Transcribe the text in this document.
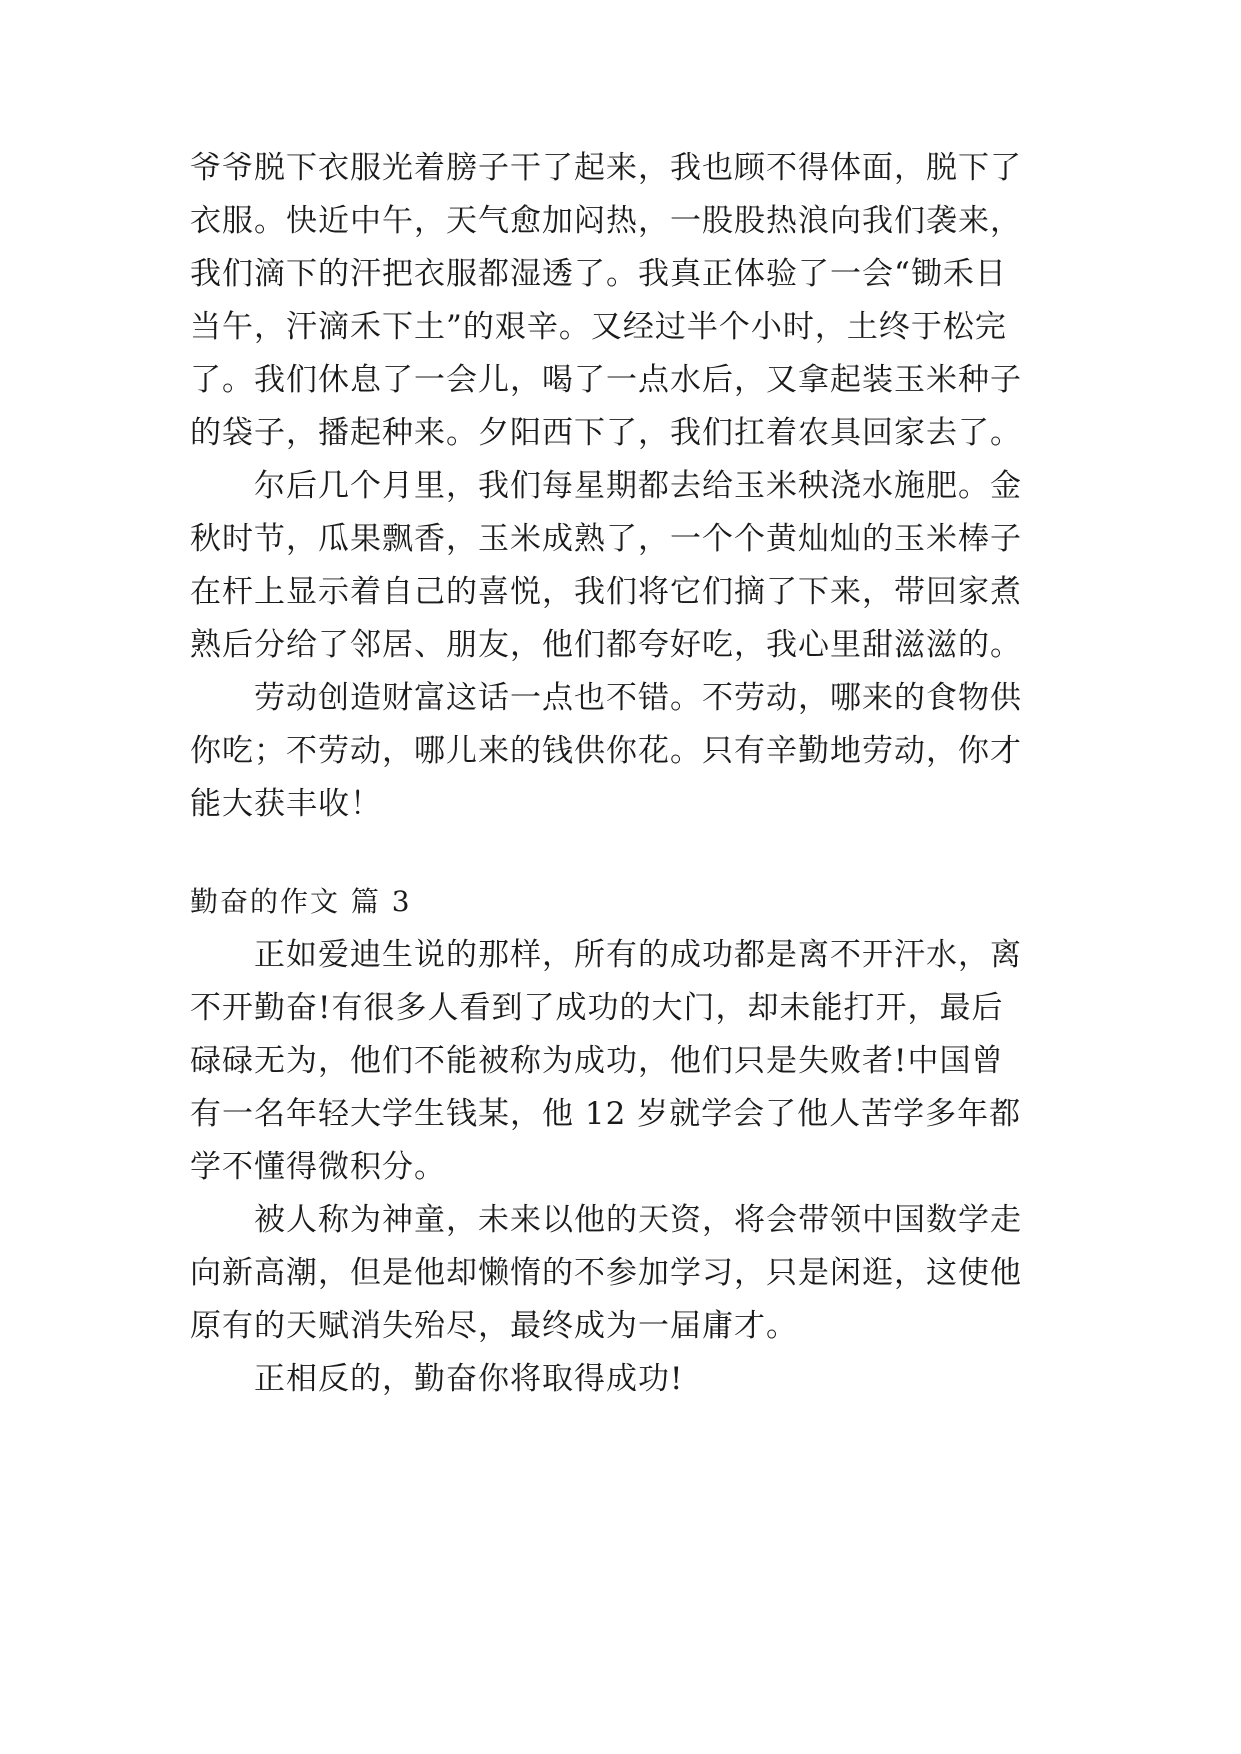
爷爷脱下衣服光着膀子干了起来，我也顾不得体面，脱下了
衣服。快近中午，天气愈加闷热，一股股热浪向我们袭来，
我们滴下的汗把衣服都湿透了。我真正体验了一会“锄禾日
当午，汗滴禾下土”的艰辛。又经过半个小时，土终于松完
了。我们休息了一会儿，喝了一点水后，又拿起装玉米种子
的袋子，播起种来。夕阳西下了，我们扛着农具回家去了。
尔后几个月里，我们每星期都去给玉米秧浇水施肥。金
秋时节，瓜果飘香，玉米成熟了，一个个黄灿灿的玉米棒子
在杆上显示着自己的喜悦，我们将它们摘了下来，带回家煮
熟后分给了邻居、朋友，他们都夸好吃，我心里甜滋滋的。
劳动创造财富这话一点也不错。不劳动，哪来的食物供
你吃；不劳动，哪儿来的钱供你花。只有辛勤地劳动，你才
能大获丰收！
勤奋的作文 篇 3
正如爱迪生说的那样，所有的成功都是离不开汗水，离
不开勤奋!有很多人看到了成功的大门，却未能打开，最后
碌碌无为，他们不能被称为成功，他们只是失败者!中国曾
有一名年轻大学生钱某，他 12 岁就学会了他人苦学多年都
学不懂得微积分。
被人称为神童，未来以他的天资，将会带领中国数学走
向新高潮，但是他却懒惰的不参加学习，只是闲逛，这使他
原有的天赋消失殆尽，最终成为一届庸才。
正相反的，勤奋你将取得成功!
